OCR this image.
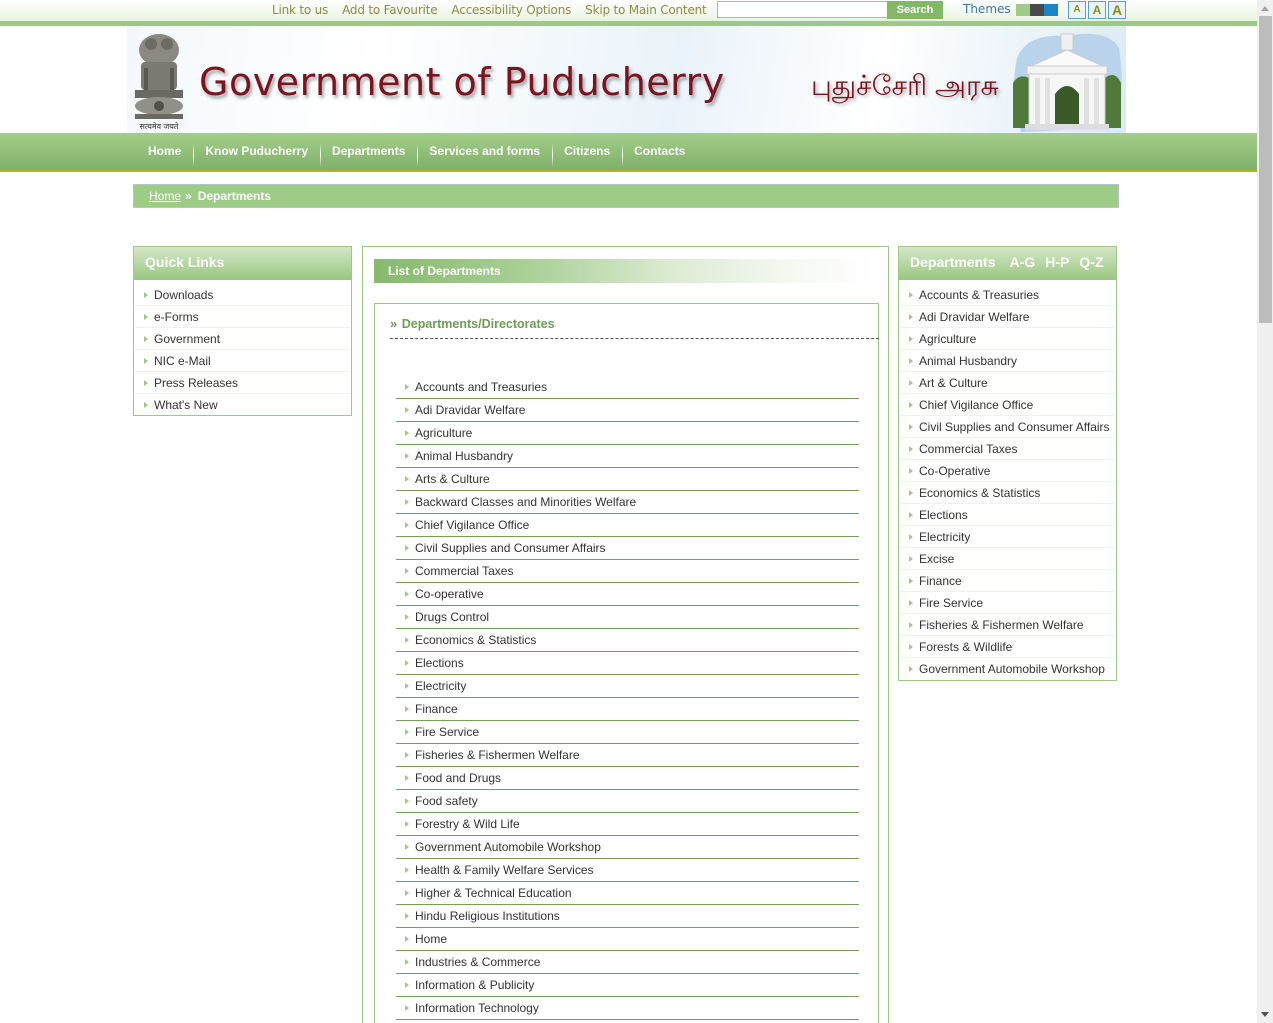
Link to us Add to Favourite Accessibility Options Skip to Main Content	Search	Themes	A	A A
सत्यमेव जयते
Government of Puducherry	புதுச்சேரி அரசு
Home	Know Puducherry	Departments	Services and forms	Citizens	Contacts
Home » Departments
Quick Links
Downloads
e-Forms
Government
NIC e-Mail
Press Releases
What's New
List of Departments
» Departments/Directorates
Accounts and Treasuries
Adi Dravidar Welfare
Agriculture
Animal Husbandry
Arts & Culture
Backward Classes and Minorities Welfare
Chief Vigilance Office
Civil Supplies and Consumer Affairs
Commercial Taxes
Co-operative
Drugs Control
Economics & Statistics
Elections
Electricity
Finance
Fire Service
Fisheries & Fishermen Welfare
Food and Drugs
Food safety
Forestry & Wild Life
Government Automobile Workshop
Health & Family Welfare Services
Higher & Technical Education
Hindu Religious Institutions
Home
Industries & Commerce
Information & Publicity
Information Technology
Departments A-G H-P Q-Z
Accounts & Treasuries
Adi Dravidar Welfare
Agriculture
Animal Husbandry
Art & Culture
Chief Vigilance Office
Civil Supplies and Consumer Affairs
Commercial Taxes
Co-Operative
Economics & Statistics
Elections
Electricity
Excise
Finance
Fire Service
Fisheries & Fishermen Welfare
Forests & Wildlife
Government Automobile Workshop
